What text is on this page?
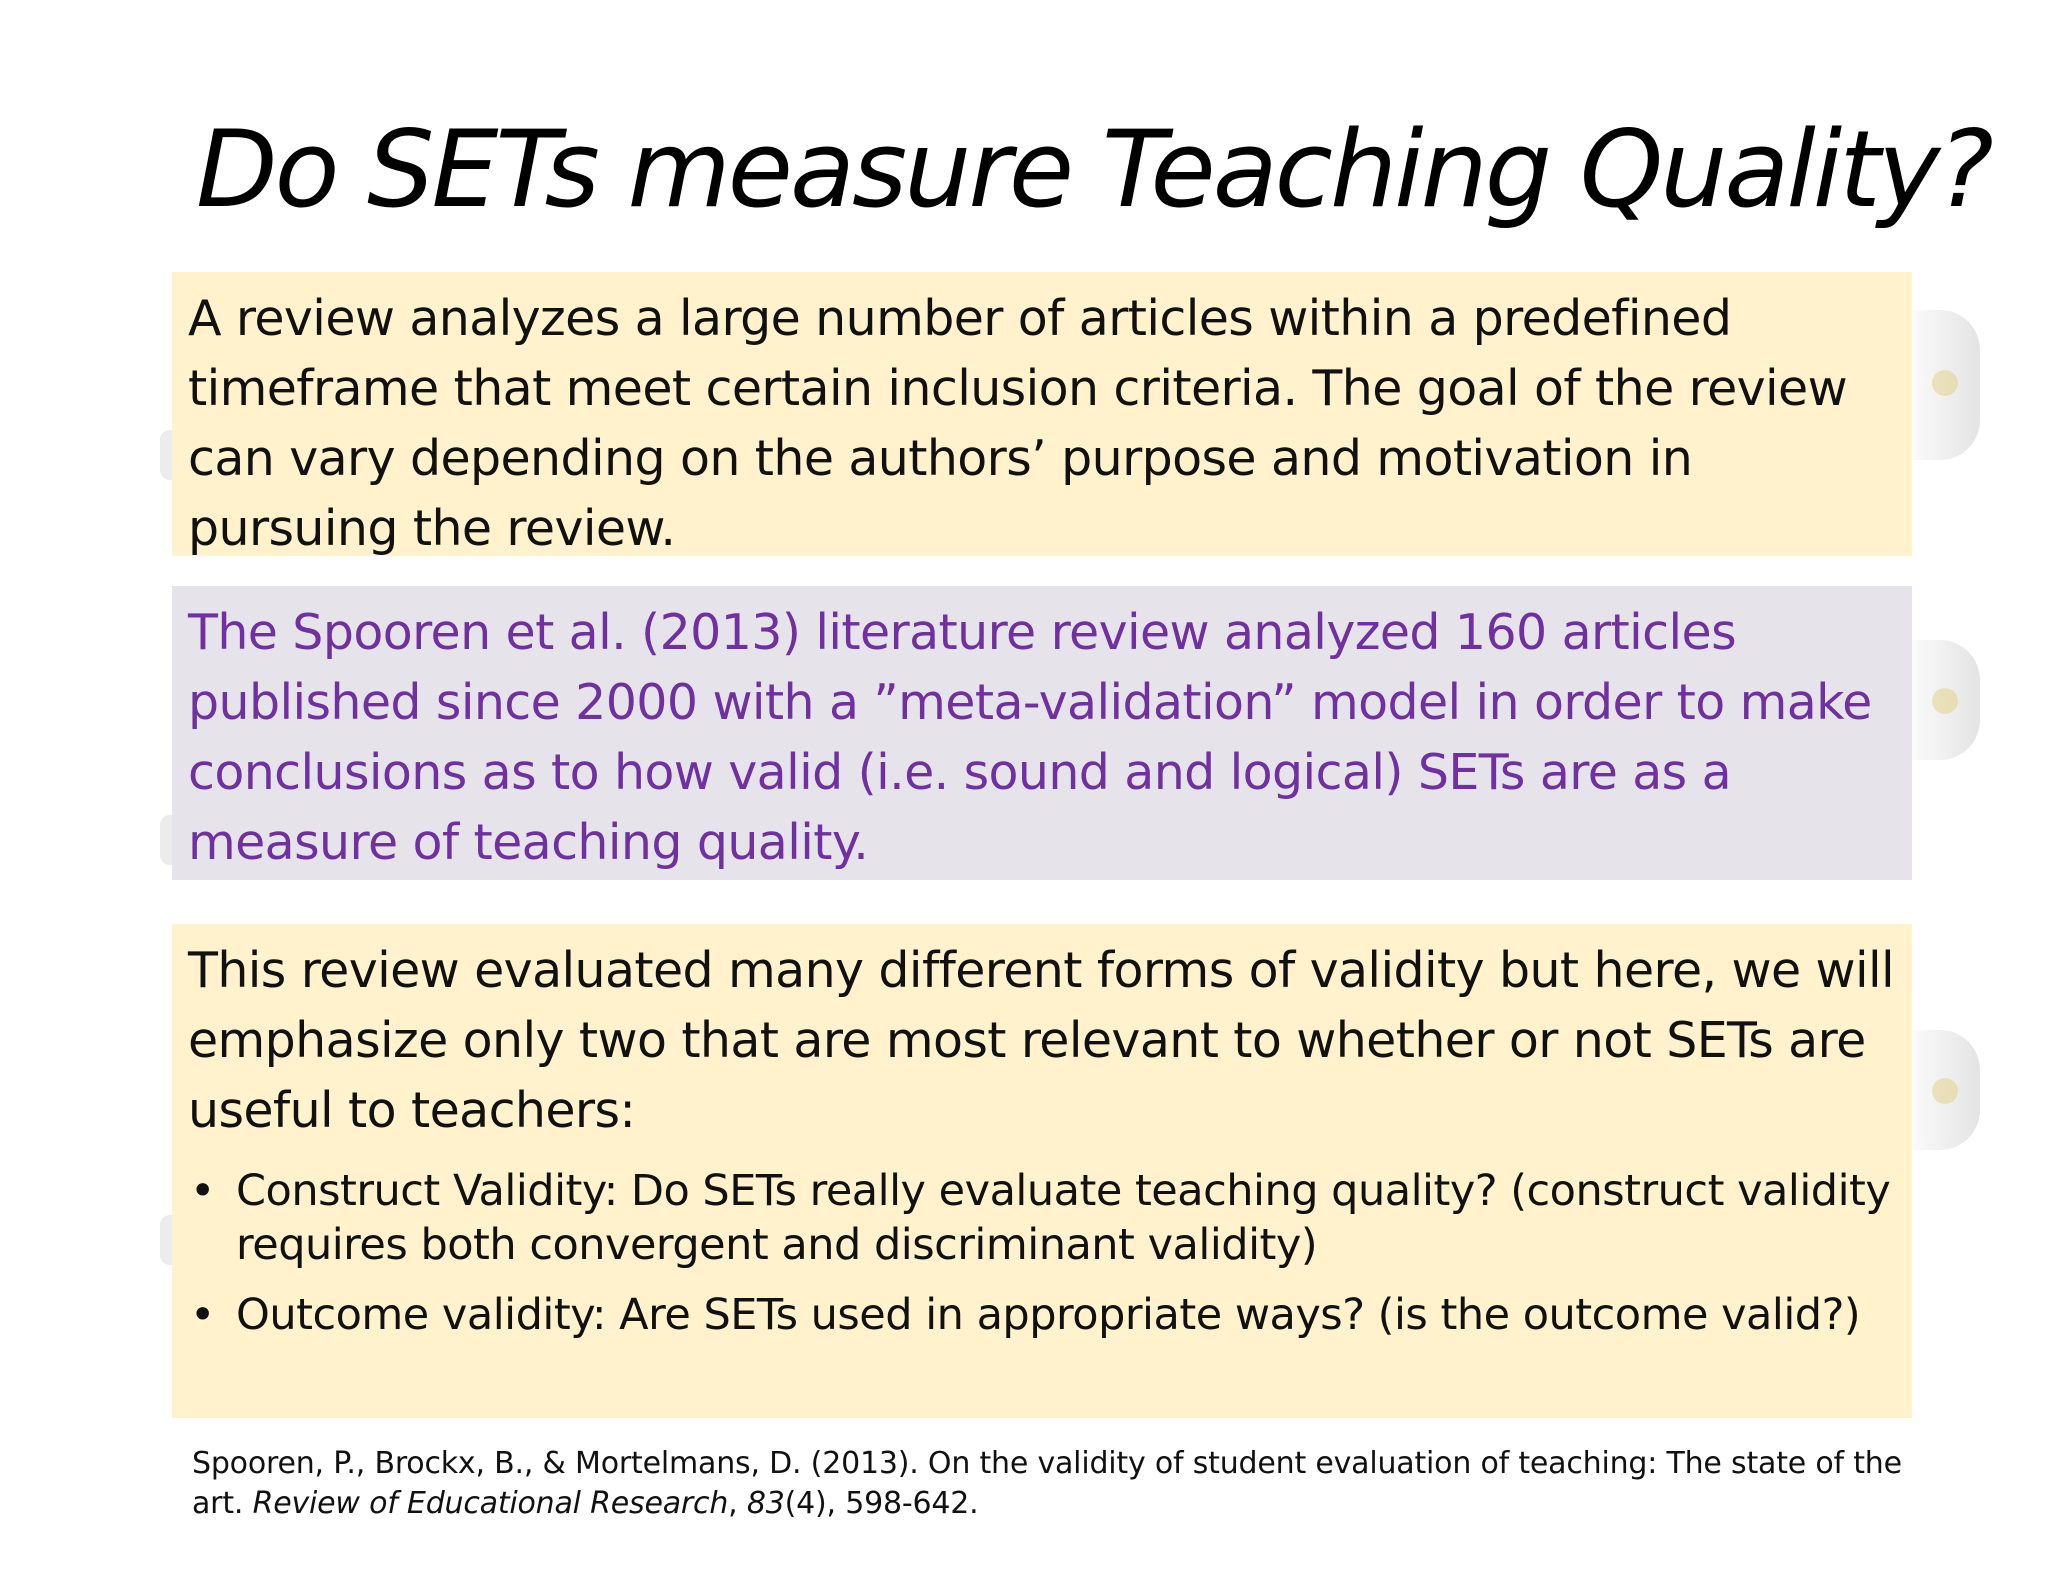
Do SETs measure Teaching Quality?

A review analyzes a large number of articles within a predefined timeframe that meet certain inclusion criteria. The goal of the review can vary depending on the authors’ purpose and motivation in pursuing the review.

The Spooren et al. (2013) literature review analyzed 160 articles published since 2000 with a ”meta-validation” model in order to make conclusions as to how valid (i.e. sound and logical) SETs are as a measure of teaching quality.

This review evaluated many different forms of validity but here, we will emphasize only two that are most relevant to whether or not SETs are useful to teachers:

• Construct Validity: Do SETs really evaluate teaching quality? (construct validity requires both convergent and discriminant validity)
• Outcome validity: Are SETs used in appropriate ways? (is the outcome valid?)

Spooren, P., Brockx, B., & Mortelmans, D. (2013). On the validity of student evaluation of teaching: The state of the art. Review of Educational Research, 83(4), 598-642.
